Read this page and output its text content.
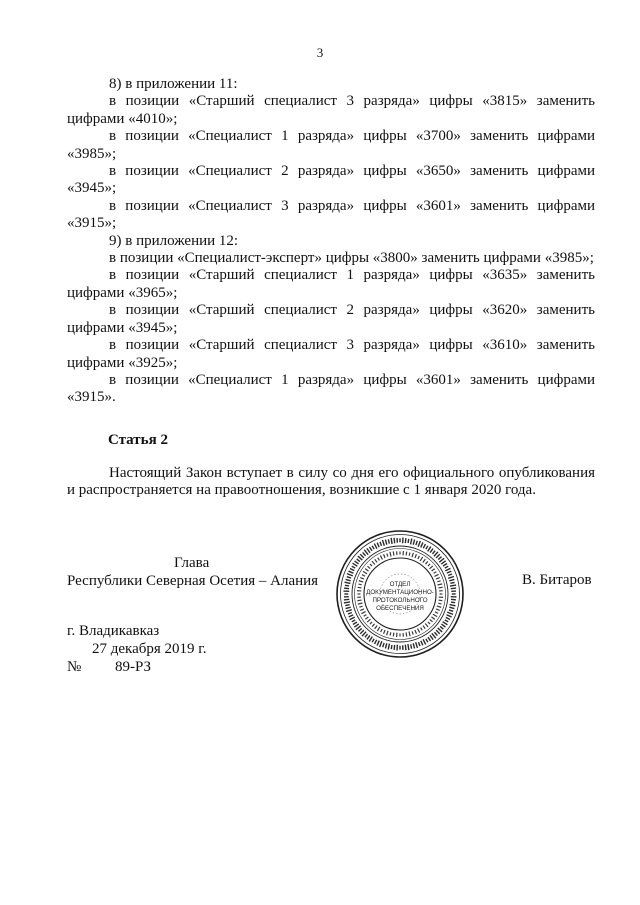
3

8) в приложении 11:

в позиции «Старший специалист 3 разряда» цифры «3815» заменить цифрами «4010»;

в позиции «Специалист 1 разряда» цифры «3700» заменить цифрами «3985»;

в позиции «Специалист 2 разряда» цифры «3650» заменить цифрами «3945»;

в позиции «Специалист 3 разряда» цифры «3601» заменить цифрами «3915»;

9) в приложении 12:

в позиции «Специалист-эксперт» цифры «3800» заменить цифрами «3985»;

в позиции «Старший специалист 1 разряда» цифры «3635» заменить цифрами «3965»;

в позиции «Старший специалист 2 разряда» цифры «3620» заменить цифрами «3945»;

в позиции «Старший специалист 3 разряда» цифры «3610» заменить цифрами «3925»;

в позиции «Специалист 1 разряда» цифры «3601» заменить цифрами «3915».

Статья 2

Настоящий Закон вступает в силу со дня его официального опубликования и распространяется на правоотношения, возникшие с 1 января 2020 года.

Глава
Республики Северная Осетия – Алания	ОТДЕЛ
ДОКУМЕНТАЦИОННО-
ПРОТОКОЛЬНОГО
ОБЕСПЕЧЕНИЯ
В. Битаров
г. Владикавказ
27 декабря 2019 г.
№	89-РЗ
